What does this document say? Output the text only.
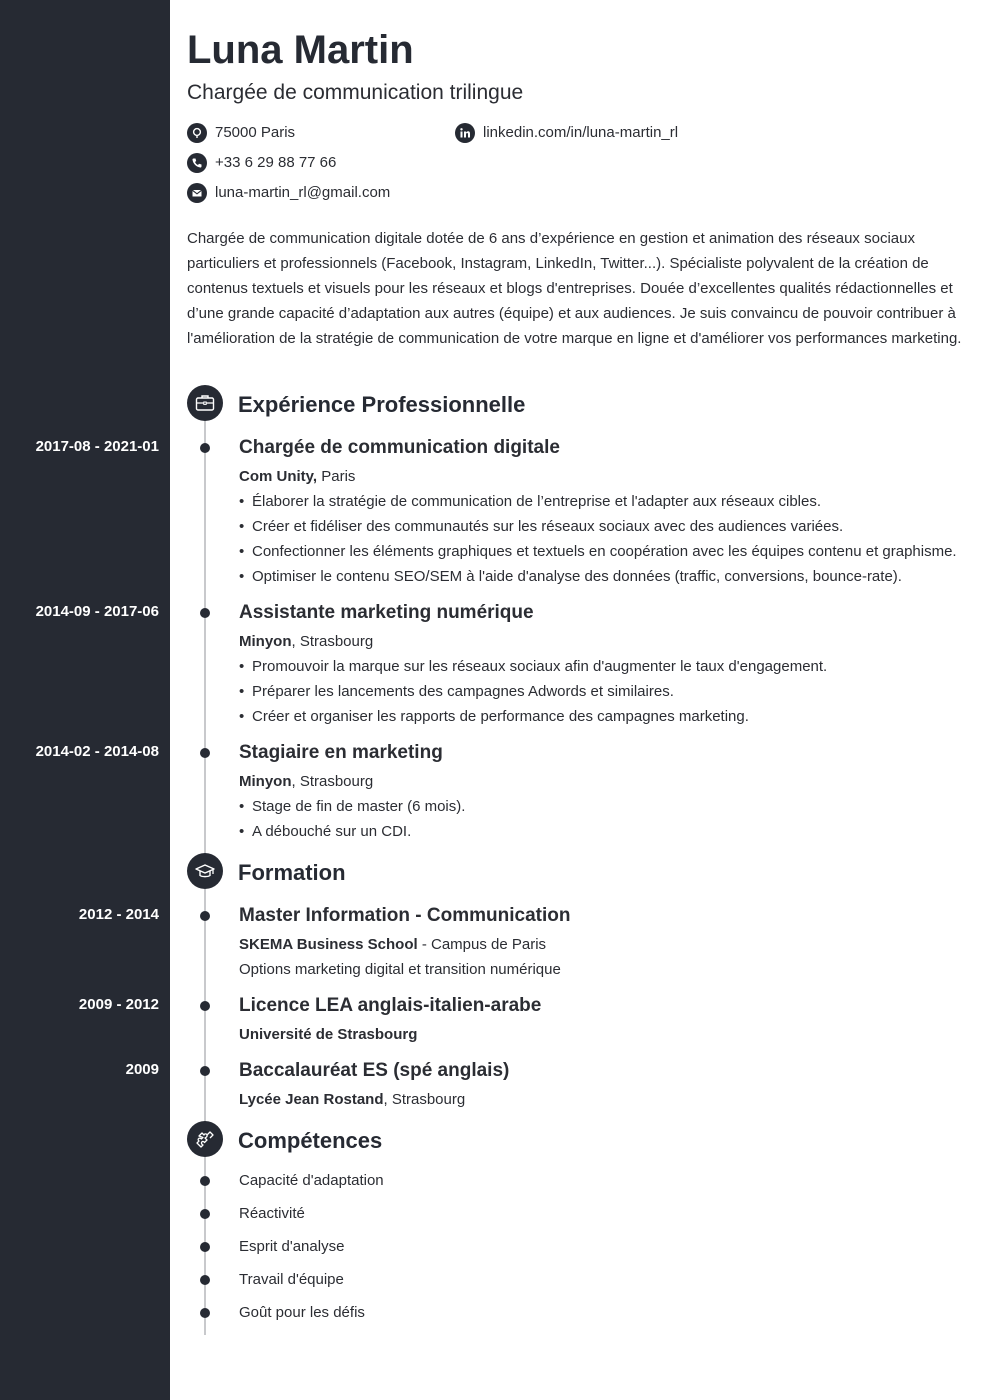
Luna Martin
Chargée de communication trilingue
75000 Paris	linkedin.com/in/luna-martin_rl
+33 6 29 88 77 66
luna-martin_rl@gmail.com

Chargée de communication digitale dotée de 6 ans d’expérience en gestion et animation des réseaux sociaux particuliers et professionnels (Facebook, Instagram, LinkedIn, Twitter...). Spécialiste polyvalent de la création de contenus textuels et visuels pour les réseaux et blogs d'entreprises. Douée d’excellentes qualités rédactionnelles et d’une grande capacité d’adaptation aux autres (équipe) et aux audiences. Je suis convaincu de pouvoir contribuer à l'amélioration de la stratégie de communication de votre marque en ligne et d'améliorer vos performances marketing.

Expérience Professionnelle
2017-08 - 2021-01	Chargée de communication digitale
Com Unity, Paris
• Élaborer la stratégie de communication de l’entreprise et l'adapter aux réseaux cibles.
• Créer et fidéliser des communautés sur les réseaux sociaux avec des audiences variées.
• Confectionner les éléments graphiques et textuels en coopération avec les équipes contenu et graphisme.
• Optimiser le contenu SEO/SEM à l'aide d'analyse des données (traffic, conversions, bounce-rate).
2014-09 - 2017-06	Assistante marketing numérique
Minyon, Strasbourg
• Promouvoir la marque sur les réseaux sociaux afin d'augmenter le taux d'engagement.
• Préparer les lancements des campagnes Adwords et similaires.
• Créer et organiser les rapports de performance des campagnes marketing.
2014-02 - 2014-08	Stagiaire en marketing
Minyon, Strasbourg
• Stage de fin de master (6 mois).
• A débouché sur un CDI.
Formation
2012 - 2014	Master Information - Communication
SKEMA Business School - Campus de Paris
Options marketing digital et transition numérique
2009 - 2012	Licence LEA anglais-italien-arabe
Université de Strasbourg
2009	Baccalauréat ES (spé anglais)
Lycée Jean Rostand, Strasbourg
Compétences
Capacité d'adaptation
Réactivité
Esprit d'analyse
Travail d'équipe
Goût pour les défis
